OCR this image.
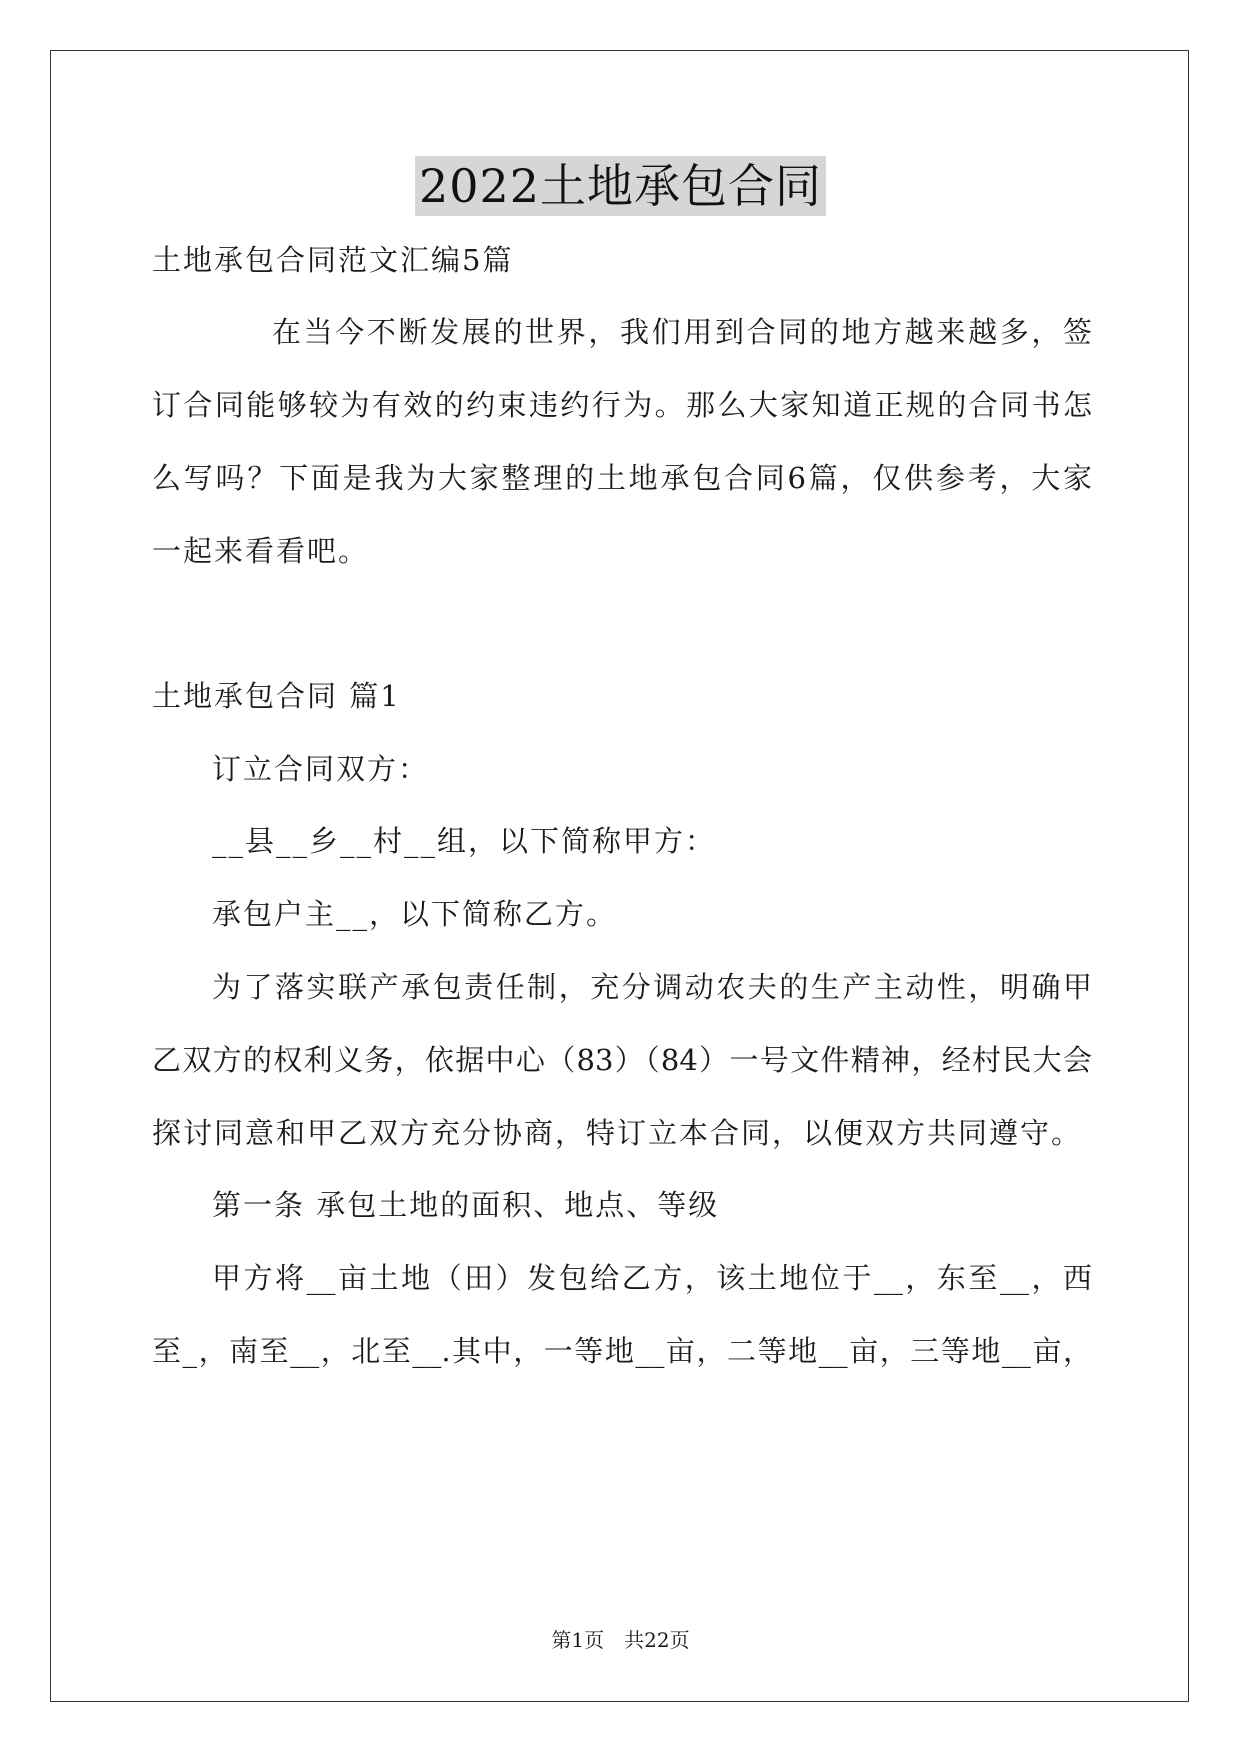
2022土地承包合同
土地承包合同范文汇编5篇
在当今不断发展的世界，我们用到合同的地方越来越多，签
订合同能够较为有效的约束违约行为。那么大家知道正规的合同书怎
么写吗？下面是我为大家整理的土地承包合同6篇，仅供参考，大家
一起来看看吧。
土地承包合同 篇1
订立合同双方：
__县__乡__村__组，以下简称甲方：
承包户主__，以下简称乙方。
为了落实联产承包责任制，充分调动农夫的生产主动性，明确甲
乙双方的权利义务，依据中心（83）（84）一号文件精神，经村民大会
探讨同意和甲乙双方充分协商，特订立本合同，以便双方共同遵守。
第一条 承包土地的面积、地点、等级
甲方将__亩土地（田）发包给乙方，该土地位于__，东至__，西
至_，南至__，北至__.其中，一等地__亩，二等地__亩，三等地__亩，
第1页　共22页
